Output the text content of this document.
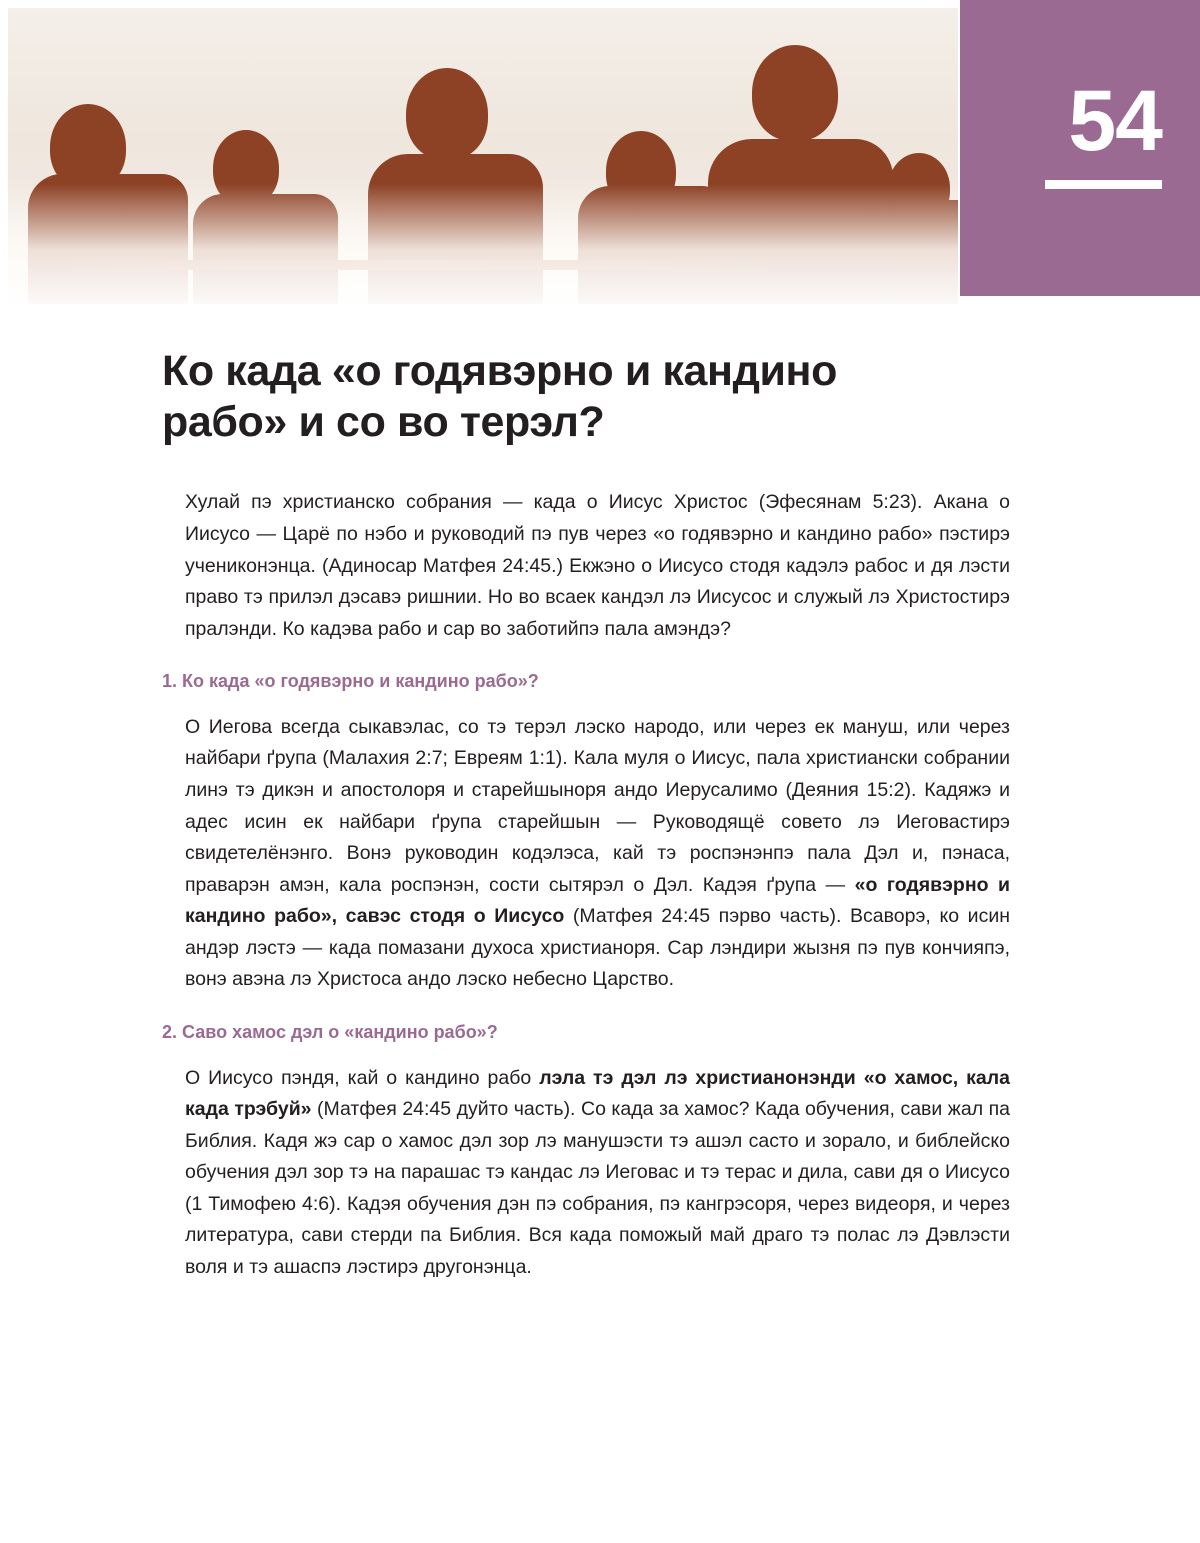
54
Ко када «о годявэрно и кандино рабо» и со во терэл?

Хулай пэ христианско собрания — када о Иисус Христос (Эфесянам 5:23). Акана о Иисусо — Царё по нэбо и руководий пэ пув через «о годявэрно и кандино рабо» пэстирэ учениконэнца. (Адиносар Матфея 24:45.) Екжэно о Иисусо стодя кадэлэ рабос и дя лэсти право тэ прилэл дэсавэ ришнии. Но во всаек кандэл лэ Иисусос и служый лэ Христостирэ пралэнди. Ко кадэва рабо и сар во заботийпэ пала амэндэ?

1. Ко када «о годявэрно и кандино рабо»?

О Иегова всегда сыкавэлас, со тэ терэл лэско народо, или через ек мануш, или через найбари ґрупа (Малахия 2:7; Евреям 1:1). Кала муля о Иисус, пала христиански собрании линэ тэ дикэн и апостолоря и старейшыноря андо Иерусалимо (Деяния 15:2). Кадяжэ и адес исин ек найбари ґрупа старейшын — Руководящё совето лэ Иеговастирэ свидетелёнэнго. Вонэ руководин кодэлэса, кай тэ роспэнэнпэ пала Дэл и, пэнаса, праварэн амэн, кала роспэнэн, сости сытярэл о Дэл. Кадэя ґрупа — «о годявэрно и кандино рабо», савэс стодя о Иисусо (Матфея 24:45 пэрво часть). Всаворэ, ко исин андэр лэстэ — када помазани духоса христианоря. Сар лэндири жызня пэ пув кончияпэ, вонэ авэна лэ Христоса андо лэско небесно Царство.

2. Саво хамос дэл о «кандино рабо»?

О Иисусо пэндя, кай о кандино рабо лэла тэ дэл лэ христианонэнди «о хамос, кала када трэбуй» (Матфея 24:45 дуйто часть). Со када за хамос? Када обучения, сави жал па Библия. Кадя жэ сар о хамос дэл зор лэ манушэсти тэ ашэл састо и зорало, и библейско обучения дэл зор тэ на парашас тэ кандас лэ Иеговас и тэ терас и дила, сави дя о Иисусо (1 Тимофею 4:6). Кадэя обучения дэн пэ собрания, пэ кангрэсоря, через видеоря, и через литература, сави стерди па Библия. Вся када поможый май драго тэ полас лэ Дэвлэсти воля и тэ ашаспэ лэстирэ другонэнца.
